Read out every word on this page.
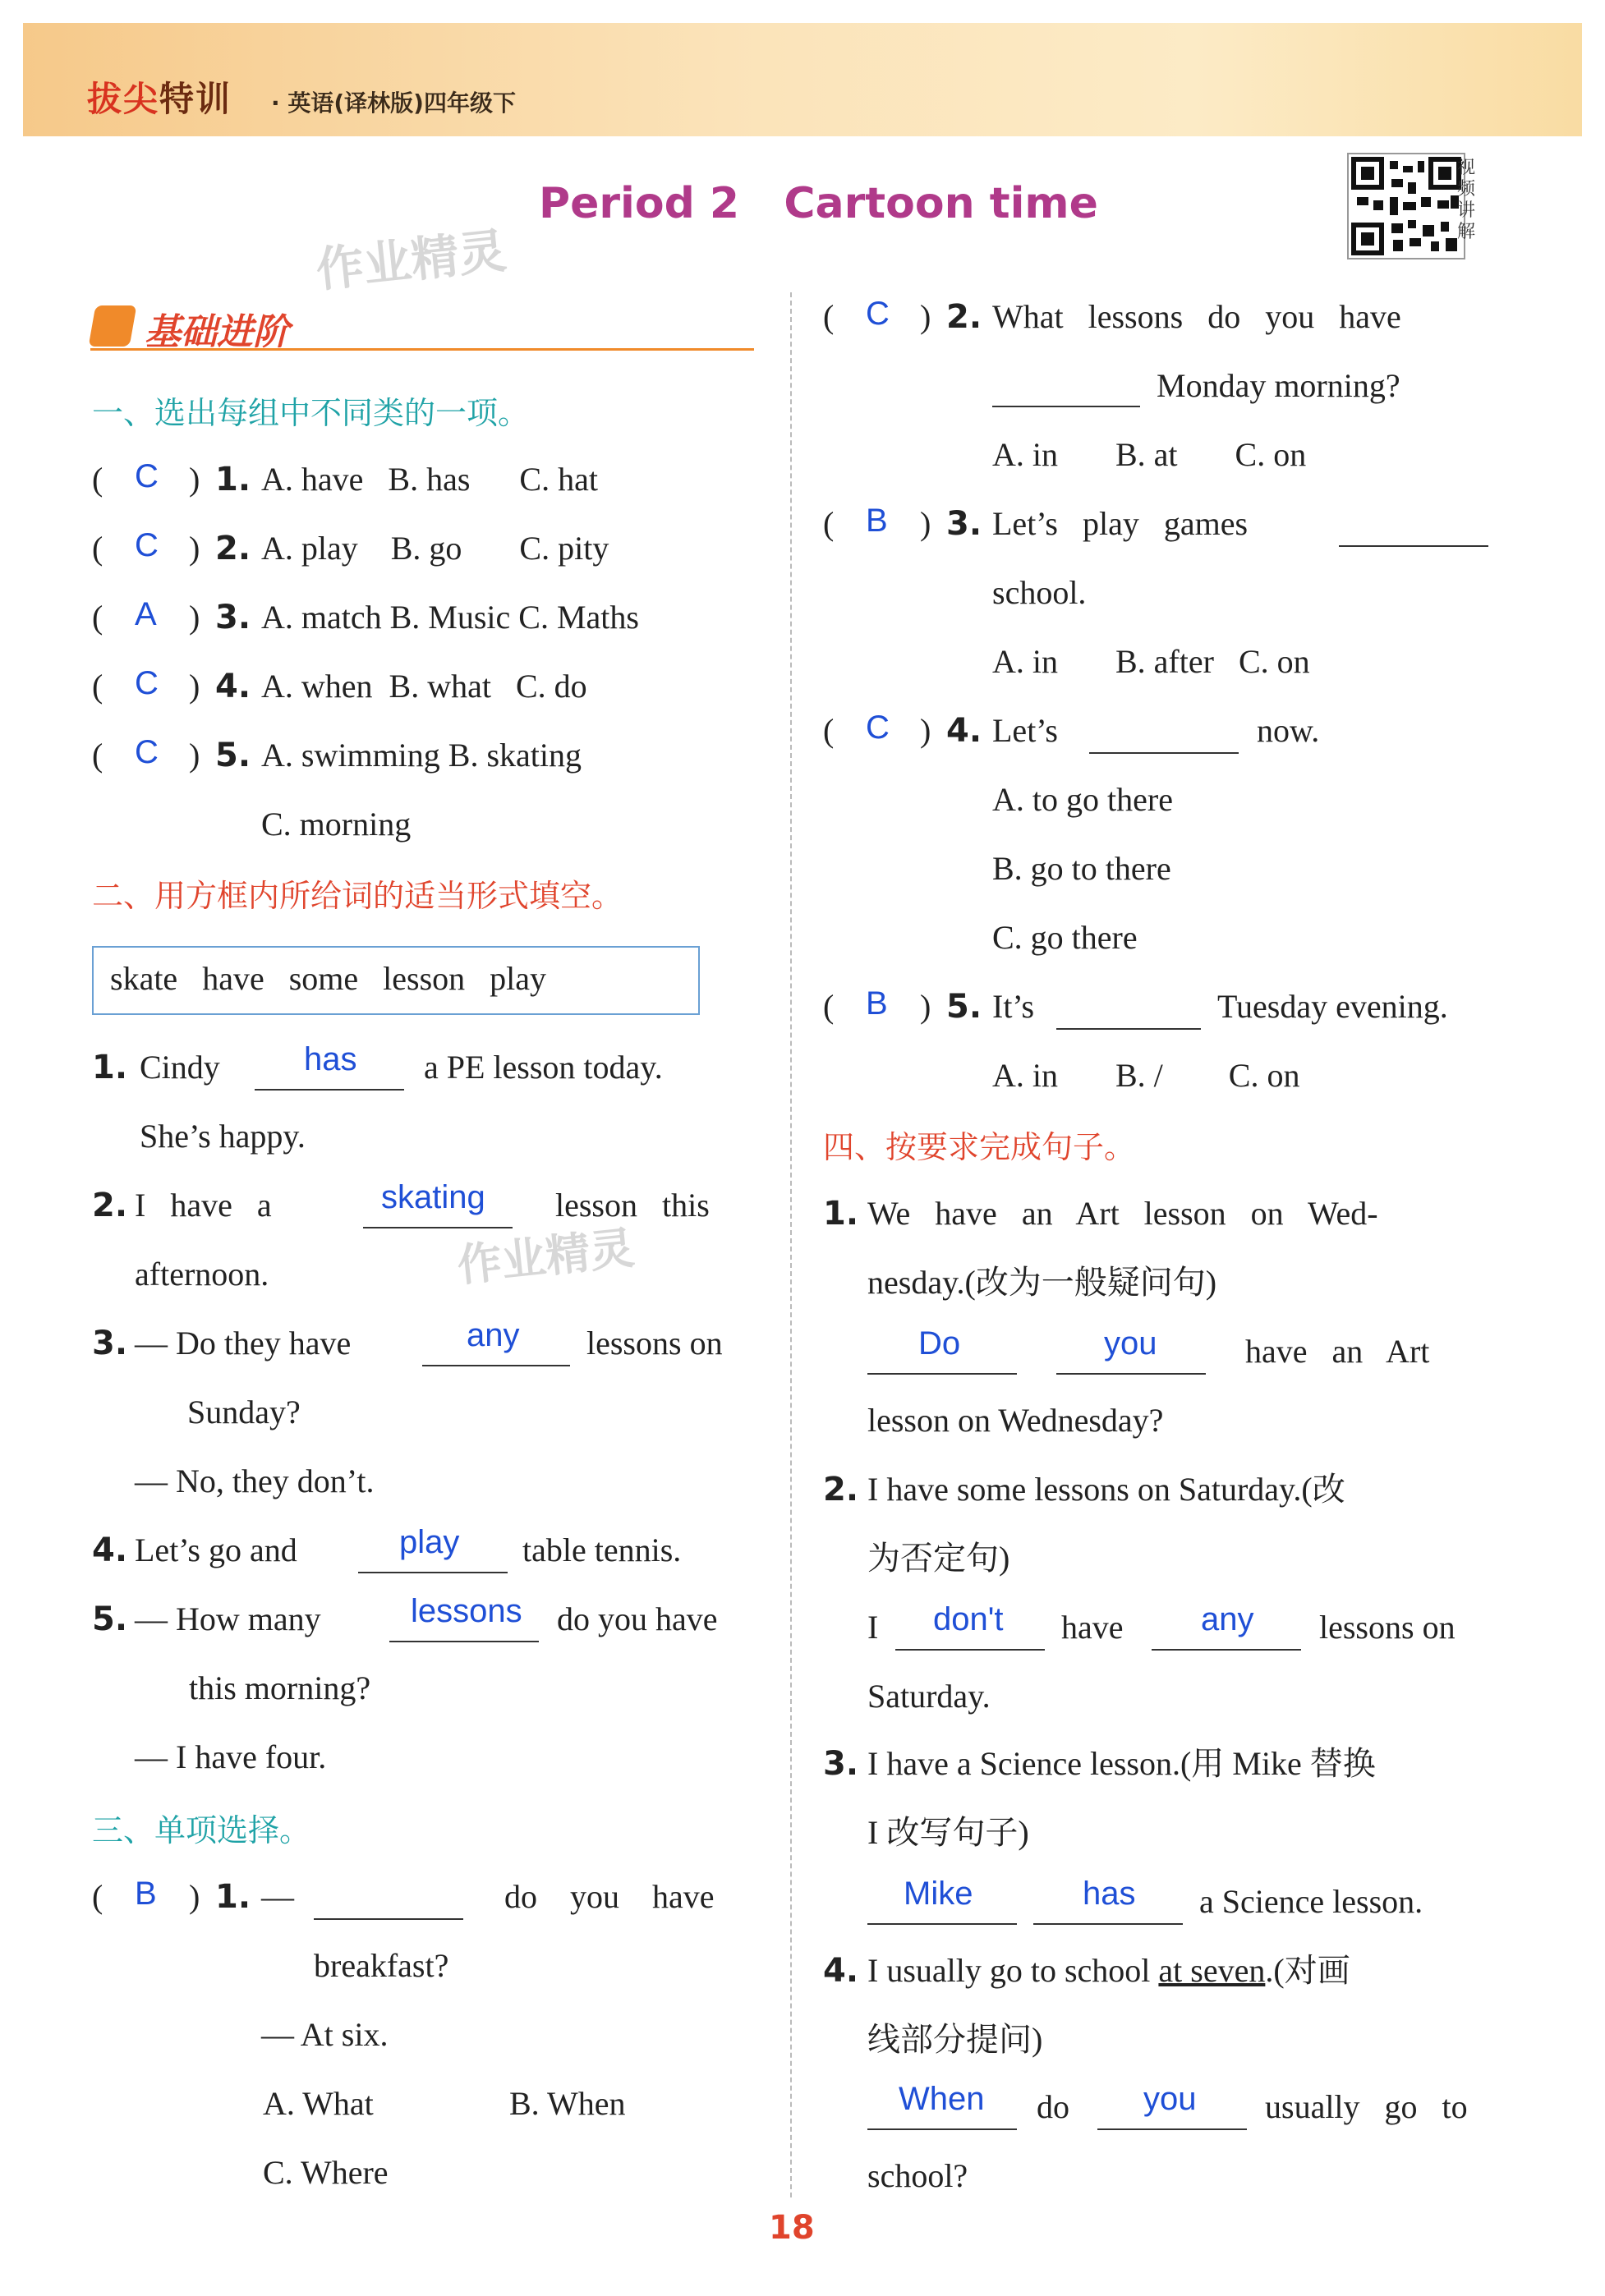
拔尖特训 · 英语(译林版)四年级下
Period 2   Cartoon time
作业精灵
作业精灵
视频讲解
基础进阶
一、选出每组中不同类的一项。
( C ) 1. A. have   B. has      C. hat
( C ) 2. A. play    B. go       C. pity
( A ) 3. A. match B. Music C. Maths
( C ) 4. A. when  B. what   C. do
( C ) 5. A. swimming B. skating
C. morning
二、用方框内所给词的适当形式填空。
skate   have   some   lesson   play
1. Cindy	has a PE lesson today.
She’s happy.
2. I   have   a	skating lesson   this
afternoon.
3. — Do they have	any lessons on
Sunday?
— No, they don’t.
4. Let’s go and	play table tennis.
5. — How many	lessons do you have
this morning?
— I have four.
三、单项选择。
( B ) 1. —	do    you    have
breakfast?
— At six.
A. What	B. When
C. Where
( C ) 2. What   lessons   do   you   have
Monday morning?
A. in       B. at       C. on
( B ) 3. Let’s   play   games
school.
A. in       B. after   C. on
( C ) 4. Let’s	now.
A. to go there
B. go to there
C. go there
( B ) 5. It’s	Tuesday evening.
A. in       B. /        C. on
四、按要求完成句子。
1. We   have   an   Art   lesson   on   Wed-
nesday.(改为一般疑问句)
Do	you	have   an   Art
lesson on Wednesday?
2. I have some lessons on Saturday.(改
为否定句)
I don't have any lessons on
Saturday.
3. I have a Science lesson.(用 Mike 替换
I 改写句子)
Mike	has a Science lesson.
4. I usually go to school at seven.(对画
线部分提问)
When do you usually   go   to
school?
18
